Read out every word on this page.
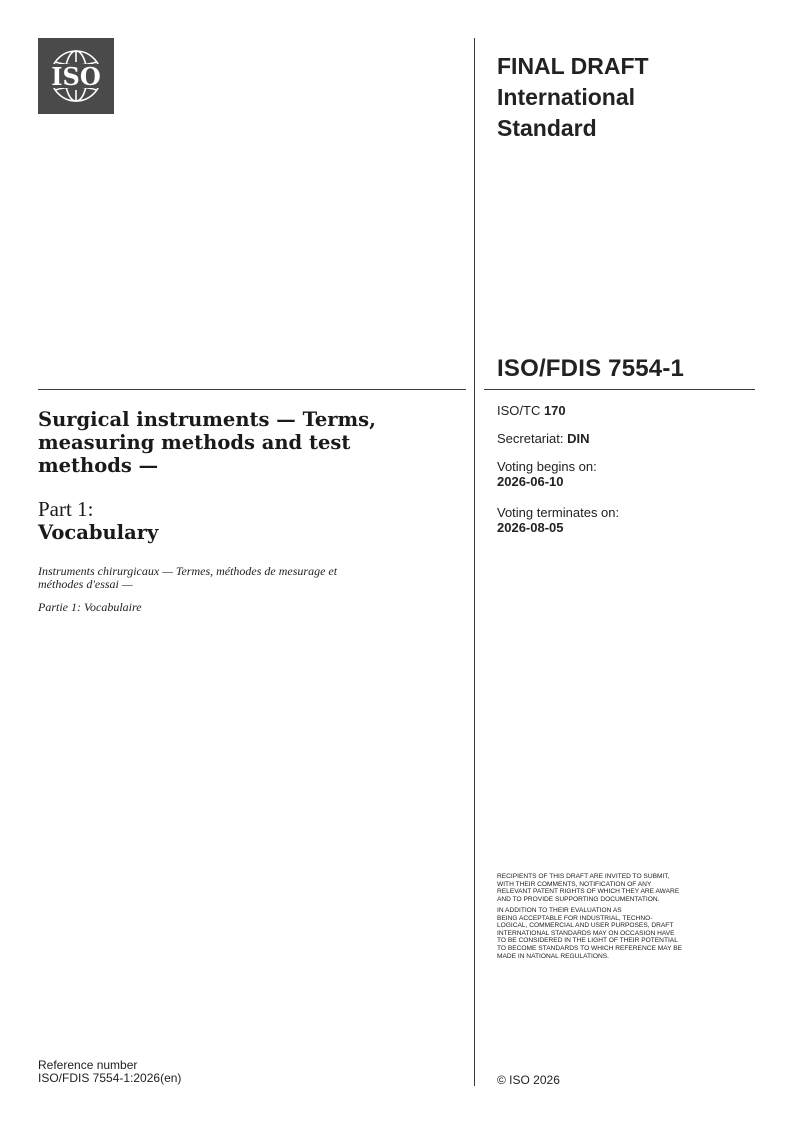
ISO	FINAL DRAFT
International
Standard
ISO/FDIS 7554-1
ISO/TC 170
Secretariat: DIN
Voting begins on:
2026-06-10
Voting terminates on:
2026-08-05
Surgical instruments — Terms,
measuring methods and test
methods —
Part 1:
Vocabulary
Instruments chirurgicaux — Termes, méthodes de mesurage et
méthodes d'essai —
Partie 1: Vocabulaire
RECIPIENTS OF THIS DRAFT ARE INVITED TO SUBMIT,
WITH THEIR COMMENTS, NOTIFICATION OF ANY
RELEVANT PATENT RIGHTS OF WHICH THEY ARE AWARE
AND TO PROVIDE SUPPORTING DOCUMENTATION.
IN ADDITION TO THEIR EVALUATION AS
BEING ACCEPTABLE FOR INDUSTRIAL, TECHNO-
LOGICAL, COMMERCIAL AND USER PURPOSES, DRAFT
INTERNATIONAL STANDARDS MAY ON OCCASION HAVE
TO BE CONSIDERED IN THE LIGHT OF THEIR POTENTIAL
TO BECOME STANDARDS TO WHICH REFERENCE MAY BE
MADE IN NATIONAL REGULATIONS.
Reference number
ISO/FDIS 7554-1:2026(en)	© ISO 2026
